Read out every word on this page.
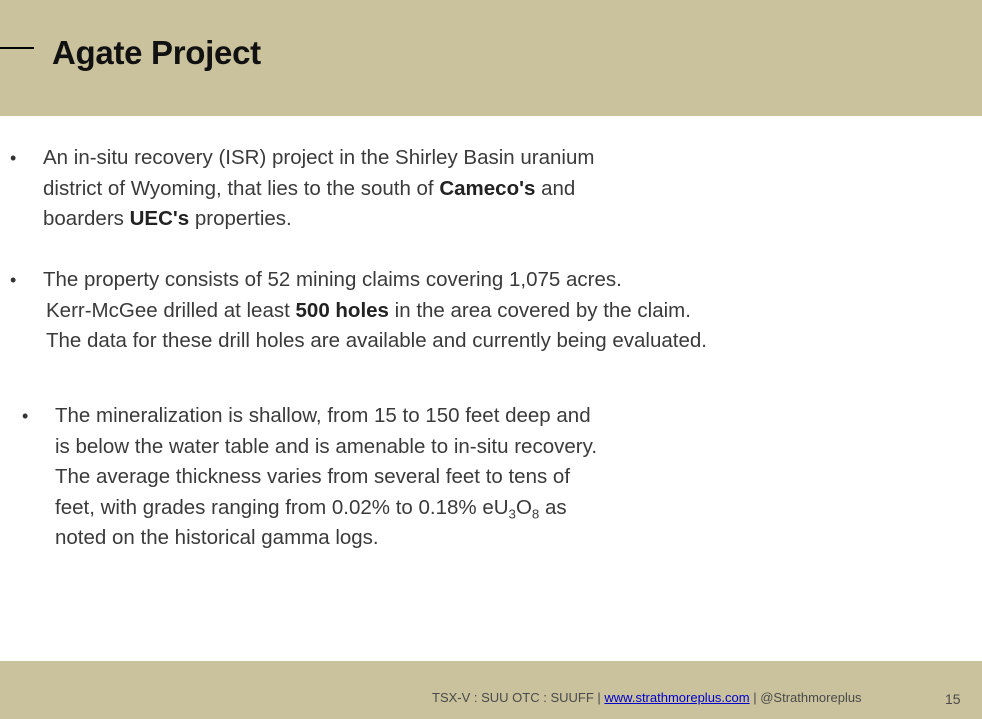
Agate Project
• An in-situ recovery (ISR) project in the Shirley Basin uranium
district of Wyoming, that lies to the south of Cameco's and
boarders UEC's properties.
• The property consists of 52 mining claims covering 1,075 acres.
Kerr-McGee drilled at least 500 holes in the area covered by the claim.
The data for these drill holes are available and currently being evaluated.
• The mineralization is shallow, from 15 to 150 feet deep and
is below the water table and is amenable to in-situ recovery.
The average thickness varies from several feet to tens of
feet, with grades ranging from 0.02% to 0.18% $eU_3O_8$ as
noted on the historical gamma logs.
TSX-V : SUU OTC : SUUFF | www.strathmoreplus.com | @Strathmoreplus	15
